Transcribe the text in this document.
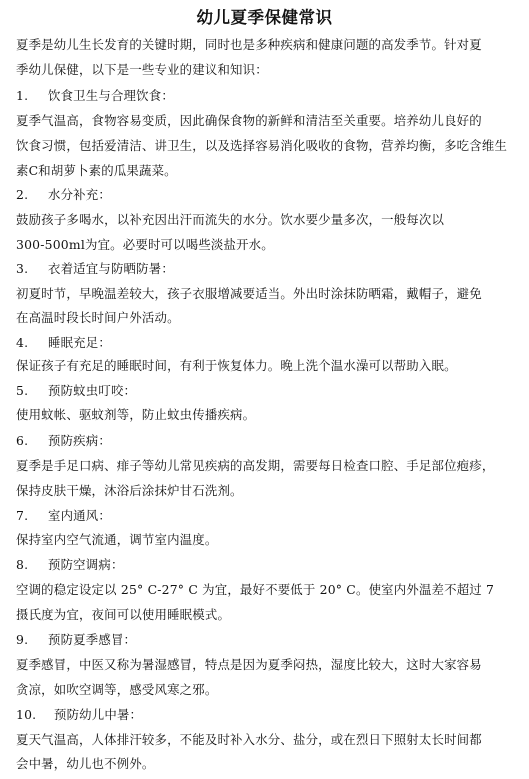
幼儿夏季保健常识
夏季是幼儿生长发育的关键时期，同时也是多种疾病和健康问题的高发季节。针对夏
季幼儿保健，以下是一些专业的建议和知识：
1. 饮食卫生与合理饮食：
夏季气温高，食物容易变质，因此确保食物的新鲜和清洁至关重要。培养幼儿良好的
饮食习惯，包括爱清洁、讲卫生，以及选择容易消化吸收的食物，营养均衡，多吃含维生
素C和胡萝卜素的瓜果蔬菜。
2. 水分补充：
鼓励孩子多喝水，以补充因出汗而流失的水分。饮水要少量多次，一般每次以
300-500ml为宜。必要时可以喝些淡盐开水。
3. 衣着适宜与防晒防暑：
初夏时节，早晚温差较大，孩子衣服增减要适当。外出时涂抹防晒霜，戴帽子，避免
在高温时段长时间户外活动。
4. 睡眠充足：
保证孩子有充足的睡眠时间，有利于恢复体力。晚上洗个温水澡可以帮助入眠。
5. 预防蚊虫叮咬：
使用蚊帐、驱蚊剂等，防止蚊虫传播疾病。
6. 预防疾病：
夏季是手足口病、痱子等幼儿常见疾病的高发期，需要每日检查口腔、手足部位疱疹，
保持皮肤干燥，沐浴后涂抹炉甘石洗剂。
7. 室内通风：
保持室内空气流通，调节室内温度。
8. 预防空调病：
空调的稳定设定以 25° C-27° C 为宜，最好不要低于 20° C。使室内外温差不超过 7
摄氏度为宜，夜间可以使用睡眠模式。
9. 预防夏季感冒：
夏季感冒，中医又称为暑湿感冒，特点是因为夏季闷热，湿度比较大，这时大家容易
贪凉，如吹空调等，感受风寒之邪。
10. 预防幼儿中暑：
夏天气温高，人体排汗较多，不能及时补入水分、盐分，或在烈日下照射太长时间都
会中暑，幼儿也不例外。
